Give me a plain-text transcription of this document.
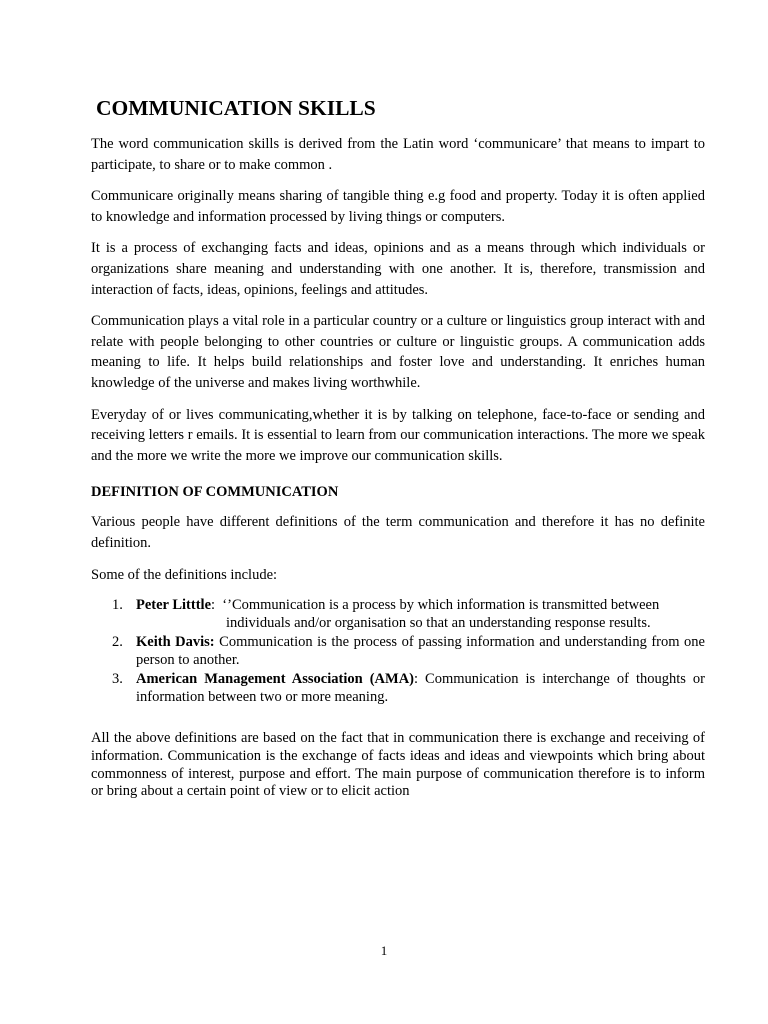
COMMUNICATION SKILLS

The word communication skills is derived from the Latin word ‘communicare’ that means to impart to participate, to share or to make common .

Communicare originally means sharing of tangible thing e.g food and property. Today it is often applied to knowledge and information processed by living things or computers.

It is a process of exchanging facts and ideas, opinions and as a means through which individuals or organizations share meaning and understanding with one another. It is, therefore, transmission and interaction of facts, ideas, opinions, feelings and attitudes.

Communication plays a vital role in a particular country or a culture or linguistics group interact with and relate with people belonging to other countries or culture or linguistic groups. A communication adds meaning to life. It helps build relationships and foster love and understanding. It enriches human knowledge of the universe and makes living worthwhile.

Everyday of or lives communicating,whether it is by talking on telephone, face-to-face or sending and receiving letters r emails. It is essential to learn from our communication interactions. The more we speak and the more we write the more we improve our communication skills.

DEFINITION OF COMMUNICATION

Various people have different definitions of the term communication and therefore it has no definite definition.

Some of the definitions include:

1. Peter Litttle:  ‘’Communication is a process by which information is transmitted between
individuals and/or organisation so that an understanding response results.
2. Keith Davis: Communication is the process of passing information and understanding from one person to another.
3. American Management Association (AMA): Communication is interchange of thoughts or information between two or more meaning.

All the above definitions are based on the fact that in communication there is exchange and receiving of information. Communication is the exchange of facts ideas and ideas and viewpoints which bring about commonness of interest, purpose and effort. The main purpose of communication therefore is to inform or bring about a certain point of view or to elicit action

1
